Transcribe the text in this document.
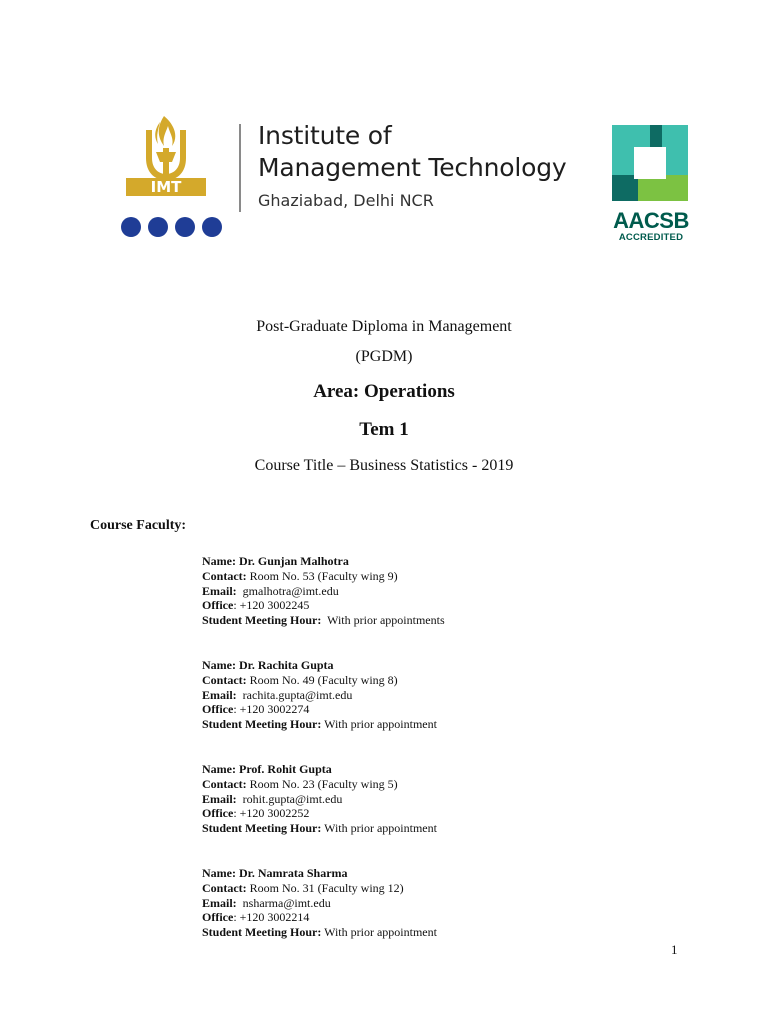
IMT
Institute of
Management Technology
Ghaziabad, Delhi NCR
AACSB
ACCREDITED
Post-Graduate Diploma in Management
(PGDM)
Area: Operations
Tem 1
Course Title – Business Statistics - 2019
Course Faculty:
Name: Dr. Gunjan Malhotra
Contact: Room No. 53 (Faculty wing 9)
Email: gmalhotra@imt.edu
Office: +120 3002245
Student Meeting Hour: With prior appointments
Name: Dr. Rachita Gupta
Contact: Room No. 49 (Faculty wing 8)
Email: rachita.gupta@imt.edu
Office: +120 3002274
Student Meeting Hour: With prior appointment
Name: Prof. Rohit Gupta
Contact: Room No. 23 (Faculty wing 5)
Email: rohit.gupta@imt.edu
Office: +120 3002252
Student Meeting Hour: With prior appointment
Name: Dr. Namrata Sharma
Contact: Room No. 31 (Faculty wing 12)
Email: nsharma@imt.edu
Office: +120 3002214
Student Meeting Hour: With prior appointment
1
